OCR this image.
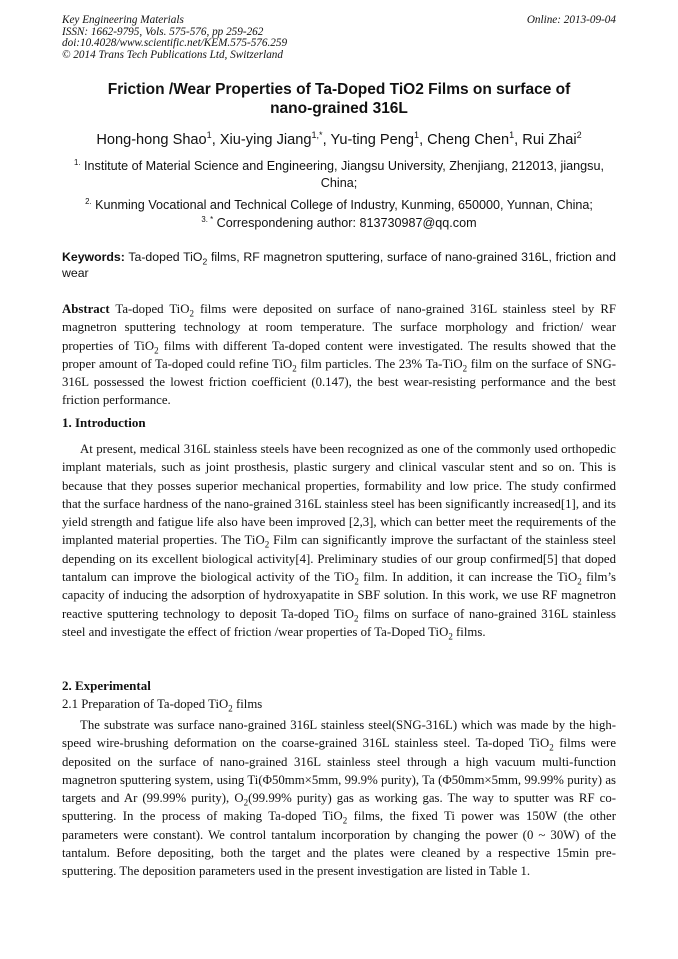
Key Engineering Materials
ISSN: 1662-9795, Vols. 575-576, pp 259-262
doi:10.4028/www.scientific.net/KEM.575-576.259
© 2014 Trans Tech Publications Ltd, Switzerland
Online: 2013-09-04
Friction /Wear Properties of Ta-Doped TiO2 Films on surface of
nano-grained 316L
Hong-hong Shao$^1$, Xiu-ying Jiang$^{1,*}$, Yu-ting Peng$^1$, Cheng Chen$^1$, Rui Zhai$^2$
$^{1.}$ Institute of Material Science and Engineering, Jiangsu University, Zhenjiang, 212013, jiangsu, China;
$^{2.}$ Kunming Vocational and Technical College of Industry, Kunming, 650000, Yunnan, China;
$^{3. *}$ Correspondening author: 813730987@qq.com
Keywords: Ta-doped TiO$_2$ films, RF magnetron sputtering, surface of nano-grained 316L, friction and wear

Abstract Ta-doped TiO$_2$ films were deposited on surface of nano-grained 316L stainless steel by RF magnetron sputtering technology at room temperature. The surface morphology and friction/ wear properties of TiO$_2$ films with different Ta-doped content were investigated. The results showed that the proper amount of Ta-doped could refine TiO$_2$ film particles. The 23% Ta-TiO$_2$ film on the surface of SNG-316L possessed the lowest friction coefficient (0.147), the best wear-resisting performance and the best friction performance.

1. Introduction

At present, medical 316L stainless steels have been recognized as one of the commonly used orthopedic implant materials, such as joint prosthesis, plastic surgery and clinical vascular stent and so on. This is because that they posses superior mechanical properties, formability and low price. The study confirmed that the surface hardness of the nano-grained 316L stainless steel has been significantly increased[1], and its yield strength and fatigue life also have been improved [2,3], which can better meet the requirements of the implanted material properties. The TiO$_2$ Film can significantly improve the surfactant of the stainless steel depending on its excellent biological activity[4]. Preliminary studies of our group confirmed[5] that doped tantalum can improve the biological activity of the TiO$_2$ film. In addition, it can increase the TiO$_2$ film’s capacity of inducing the adsorption of hydroxyapatite in SBF solution. In this work, we use RF magnetron reactive sputtering technology to deposit Ta-doped TiO$_2$ films on surface of nano-grained 316L stainless steel and investigate the effect of friction /wear properties of Ta-Doped TiO$_2$ films.

2. Experimental
2.1 Preparation of Ta-doped TiO$_2$ films

The substrate was surface nano-grained 316L stainless steel(SNG-316L) which was made by the high-speed wire-brushing deformation on the coarse-grained 316L stainless steel. Ta-doped TiO$_2$ films were deposited on the surface of nano-grained 316L stainless steel through a high vacuum multi-function magnetron sputtering system, using Ti(Φ50mm×5mm, 99.9% purity), Ta (Φ50mm×5mm, 99.99% purity) as targets and Ar (99.99% purity), $O_2(99.99\%$ purity) gas as working gas. The way to sputter was RF co-sputtering. In the process of making Ta-doped TiO$_2$ films, the fixed Ti power was 150W (the other parameters were constant). We control tantalum incorporation by changing the power (0 ~ 30W) of the tantalum. Before depositing, both the target and the plates were cleaned by a respective 15min pre-sputtering. The deposition parameters used in the present investigation are listed in Table 1.
